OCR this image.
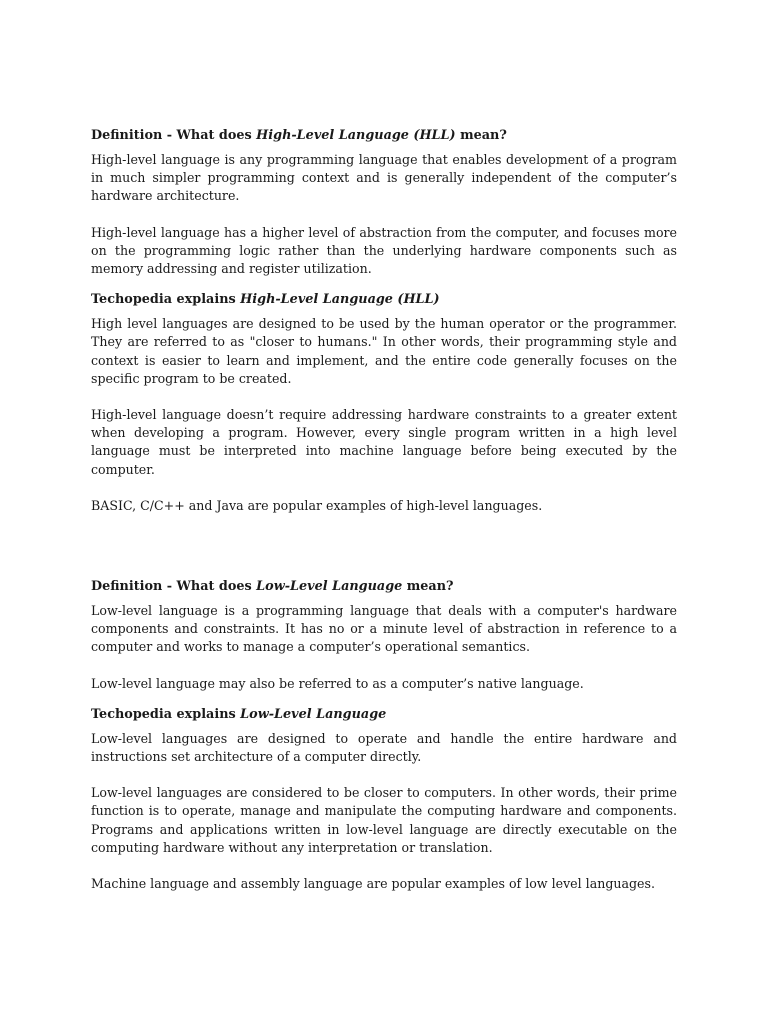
Definition - What does High-Level Language (HLL) mean?

High-level language is any programming language that enables development of a program in much simpler programming context and is generally independent of the computer’s hardware architecture.

High-level language has a higher level of abstraction from the computer, and focuses more on the programming logic rather than the underlying hardware components such as memory addressing and register utilization.

Techopedia explains High-Level Language (HLL)

High level languages are designed to be used by the human operator or the programmer. They are referred to as "closer to humans." In other words, their programming style and context is easier to learn and implement, and the entire code generally focuses on the specific program to be created.

High-level language doesn’t require addressing hardware constraints to a greater extent when developing a program. However, every single program written in a high level language must be interpreted into machine language before being executed by the computer.

BASIC, C/C++ and Java are popular examples of high-level languages.

Definition - What does Low-Level Language mean?

Low-level language is a programming language that deals with a computer's hardware components and constraints. It has no or a minute level of abstraction in reference to a computer and works to manage a computer’s operational semantics.

Low-level language may also be referred to as a computer’s native language.

Techopedia explains Low-Level Language

Low-level languages are designed to operate and handle the entire hardware and instructions set architecture of a computer directly.

Low-level languages are considered to be closer to computers. In other words, their prime function is to operate, manage and manipulate the computing hardware and components. Programs and applications written in low-level language are directly executable on the computing hardware without any interpretation or translation.

Machine language and assembly language are popular examples of low level languages.
